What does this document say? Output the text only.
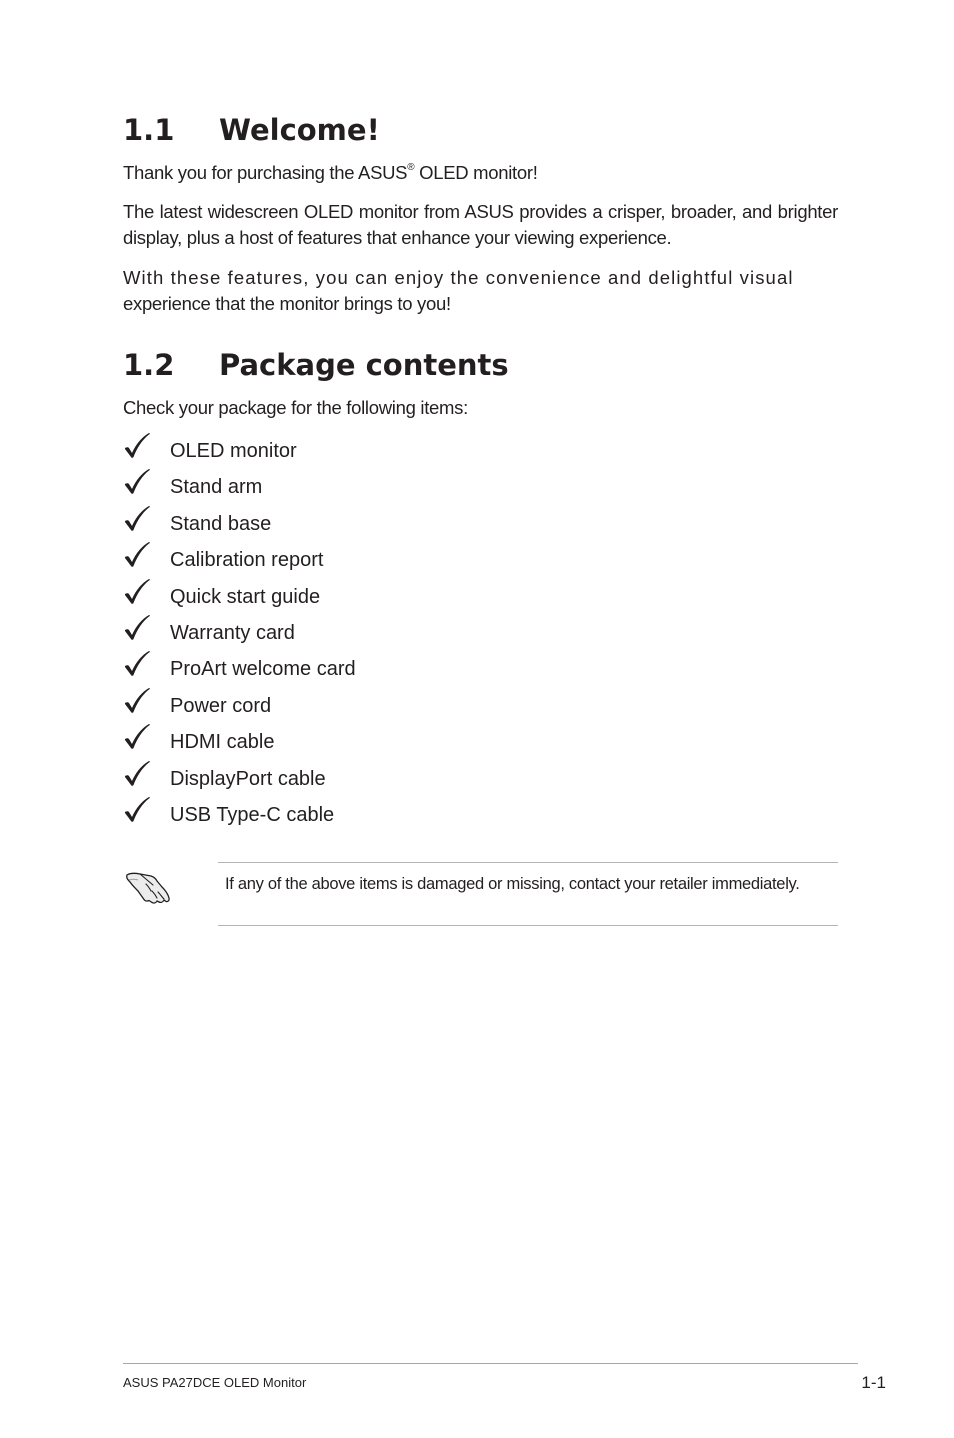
1.1 Welcome!

Thank you for purchasing the ASUS® OLED monitor!

The latest widescreen OLED monitor from ASUS provides a crisper, broader, and brighter display, plus a host of features that enhance your viewing experience.

With these features, you can enjoy the convenience and delightful visual
experience that the monitor brings to you!

1.2 Package contents

Check your package for the following items:

OLED monitor
Stand arm
Stand base
Calibration report
Quick start guide
Warranty card
ProArt welcome card
Power cord
HDMI cable
DisplayPort cable
USB Type-C cable
If any of the above items is damaged or missing, contact your retailer immediately.
ASUS PA27DCE OLED Monitor	1-1
